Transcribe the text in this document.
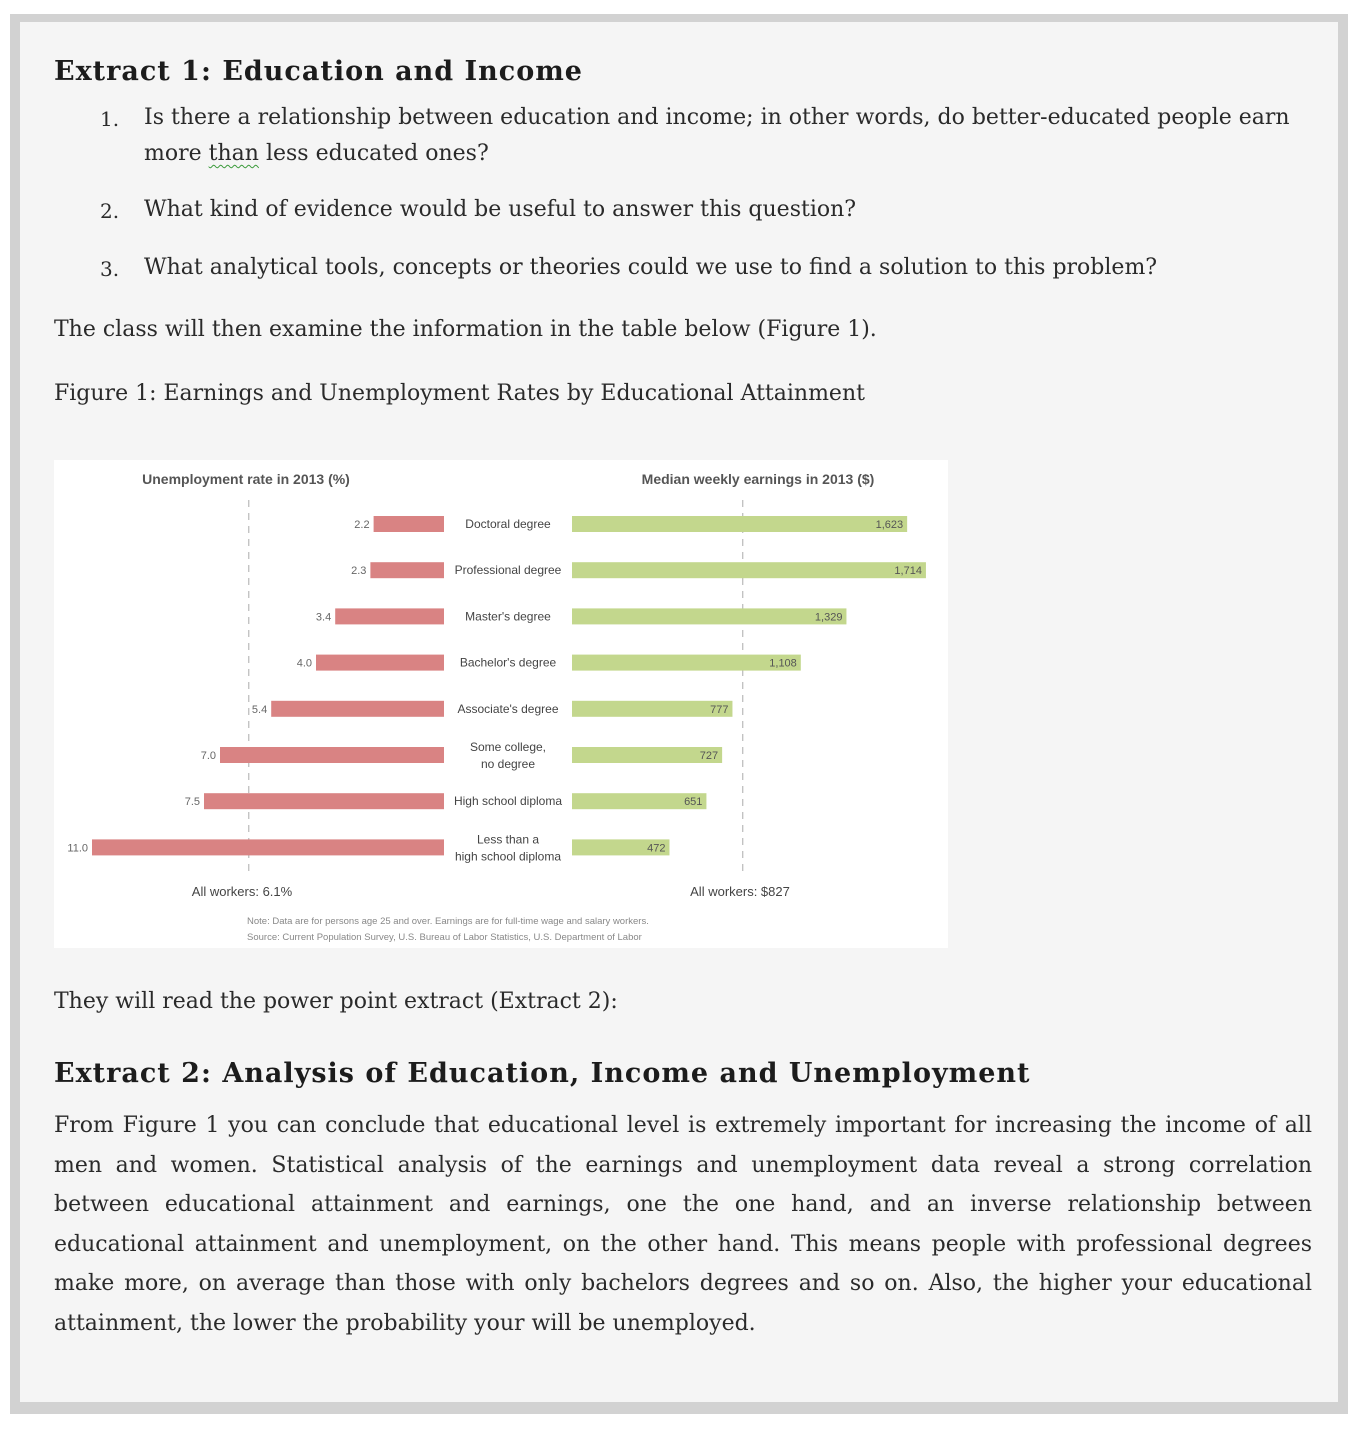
Extract 1: Education and Income
1. Is there a relationship between education and income; in other words, do better-educated people earn more than less educated ones?
2. What kind of evidence would be useful to answer this question?
3. What analytical tools, concepts or theories could we use to find a solution to this problem?
The class will then examine the information in the table below (Figure 1).
Figure 1: Earnings and Unemployment Rates by Educational Attainment
Unemployment rate in 2013 (%)	Median weekly earnings in 2013 ($)
2.2	1,623
Doctoral degree
2.3	1,714
Professional degree
3.4	1,329
Master's degree
4.0	1,108
Bachelor's degree
5.4	777
Associate's degree
7.0	727
Some college,
no degree
7.5	651
High school diploma
11.0	472
Less than a
high school diploma
All workers: 6.1%	All workers: $827
Note: Data are for persons age 25 and over. Earnings are for full-time wage and salary workers.
Source: Current Population Survey, U.S. Bureau of Labor Statistics, U.S. Department of Labor
They will read the power point extract (Extract 2):
Extract 2: Analysis of Education, Income and Unemployment
From Figure 1 you can conclude that educational level is extremely important for increasing the income of all men and women. Statistical analysis of the earnings and unemployment data reveal a strong correlation between educational attainment and earnings, one the one hand, and an inverse relationship between educational attainment and unemployment, on the other hand. This means people with professional degrees make more, on average than those with only bachelors degrees and so on. Also, the higher your educational attainment, the lower the probability your will be unemployed.
